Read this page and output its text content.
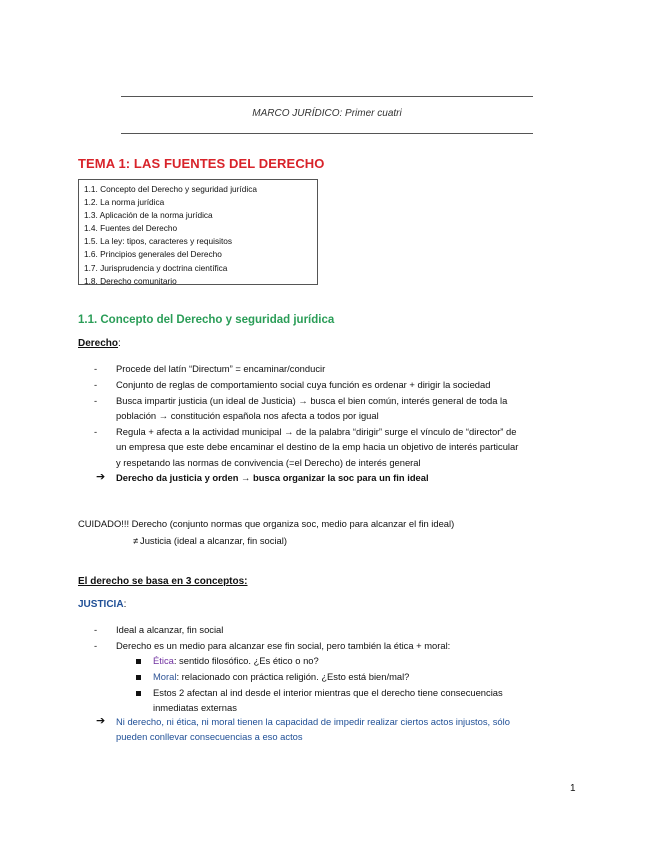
MARCO JURÍDICO: Primer cuatri
TEMA 1: LAS FUENTES DEL DERECHO
1.1. Concepto del Derecho y seguridad jurídica
1.2. La norma jurídica
1.3. Aplicación de la norma jurídica
1.4. Fuentes del Derecho
1.5. La ley: tipos, caracteres y requisitos
1.6. Principios generales del Derecho
1.7. Jurisprudencia y doctrina científica
1.8. Derecho comunitario
1.1. Concepto del Derecho y seguridad jurídica
Derecho:
- Procede del latín “Directum” = encaminar/conducir
- Conjunto de reglas de comportamiento social cuya función es ordenar + dirigir la sociedad
- Busca impartir justicia (un ideal de Justicia) → busca el bien común, interés general de toda la
población → constitución española nos afecta a todos por igual
- Regula + afecta a la actividad municipal → de la palabra “dirigir” surge el vínculo de “director” de
un empresa que este debe encaminar el destino de la emp hacia un objetivo de interés particular
y respetando las normas de convivencia (=el Derecho) de interés general
➔ Derecho da justicia y orden → busca organizar la soc para un fin ideal
CUIDADO!!! Derecho (conjunto normas que organiza soc, medio para alcanzar el fin ideal)
≠ Justicia (ideal a alcanzar, fin social)
El derecho se basa en 3 conceptos:
JUSTICIA:
- Ideal a alcanzar, fin social
- Derecho es un medio para alcanzar ese fin social, pero también la ética + moral:
Ética: sentido filosófico. ¿Es ético o no?
Moral: relacionado con práctica religión. ¿Esto está bien/mal?
Estos 2 afectan al ind desde el interior mientras que el derecho tiene consecuencias
inmediatas externas
➔ Ni derecho, ni ética, ni moral tienen la capacidad de impedir realizar ciertos actos injustos, sólo
pueden conllevar consecuencias a eso actos
1
